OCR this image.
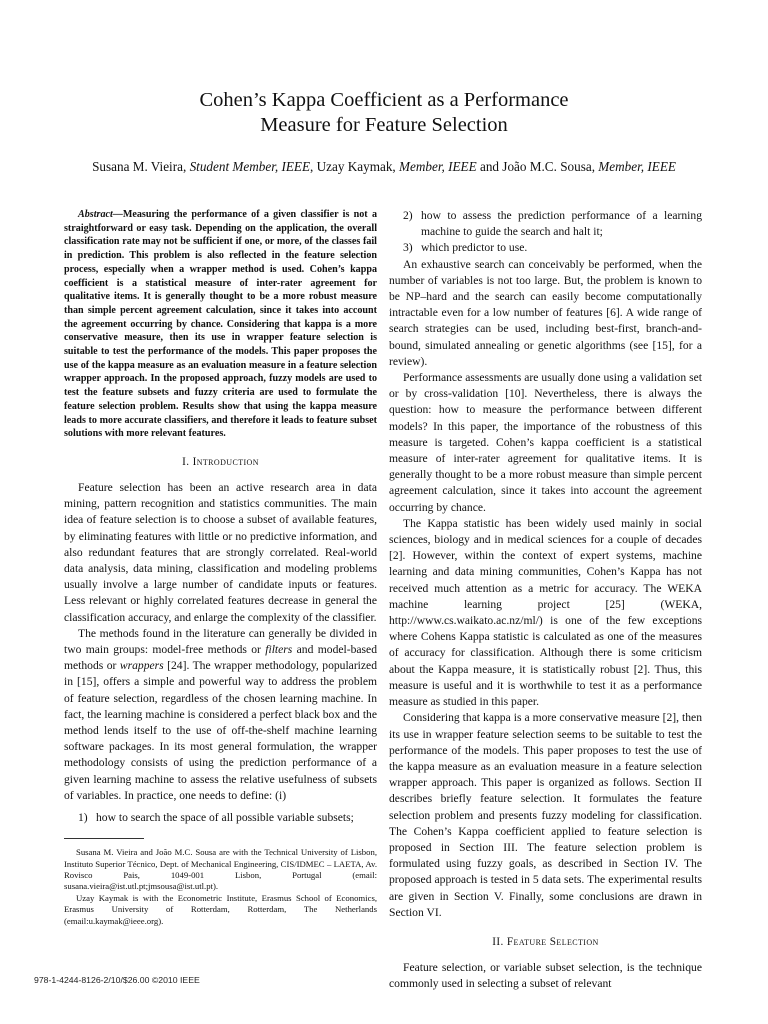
Cohen’s Kappa Coefficient as a Performance
Measure for Feature Selection
Susana M. Vieira, Student Member, IEEE, Uzay Kaymak, Member, IEEE and João M.C. Sousa, Member, IEEE

Abstract—Measuring the performance of a given classifier is not a straightforward or easy task. Depending on the application, the overall classification rate may not be sufficient if one, or more, of the classes fail in prediction. This problem is also reflected in the feature selection process, especially when a wrapper method is used. Cohen’s kappa coefficient is a statistical measure of inter-rater agreement for qualitative items. It is generally thought to be a more robust measure than simple percent agreement calculation, since it takes into account the agreement occurring by chance. Considering that kappa is a more conservative measure, then its use in wrapper feature selection is suitable to test the performance of the models. This paper proposes the use of the kappa measure as an evaluation measure in a feature selection wrapper approach. In the proposed approach, fuzzy models are used to test the feature subsets and fuzzy criteria are used to formulate the feature selection problem. Results show that using the kappa measure leads to more accurate classifiers, and therefore it leads to feature subset solutions with more relevant features.

I. Introduction

Feature selection has been an active research area in data mining, pattern recognition and statistics communities. The main idea of feature selection is to choose a subset of available features, by eliminating features with little or no predictive information, and also redundant features that are strongly correlated. Real-world data analysis, data mining, classification and modeling problems usually involve a large number of candidate inputs or features. Less relevant or highly correlated features decrease in general the classification accuracy, and enlarge the complexity of the classifier.

The methods found in the literature can generally be divided in two main groups: model-free methods or filters and model-based methods or wrappers [24]. The wrapper methodology, popularized in [15], offers a simple and powerful way to address the problem of feature selection, regardless of the chosen learning machine. In fact, the learning machine is considered a perfect black box and the method lends itself to the use of off-the-shelf machine learning software packages. In its most general formulation, the wrapper methodology consists of using the prediction performance of a given learning machine to assess the relative usefulness of subsets of variables. In practice, one needs to define: (i)

1) how to search the space of all possible variable subsets;

Susana M. Vieira and João M.C. Sousa are with the Technical University of Lisbon, Instituto Superior Técnico, Dept. of Mechanical Engineering, CIS/IDMEC – LAETA, Av. Rovisco Pais, 1049-001 Lisbon, Portugal (email: susana.vieira@ist.utl.pt;jmsousa@ist.utl.pt).

Uzay Kaymak is with the Econometric Institute, Erasmus School of Economics, Erasmus University of Rotterdam, Rotterdam, The Netherlands (email:u.kaymak@ieee.org).

2) how to assess the prediction performance of a learning machine to guide the search and halt it;
3) which predictor to use.

An exhaustive search can conceivably be performed, when the number of variables is not too large. But, the problem is known to be NP–hard and the search can easily become computationally intractable even for a low number of features [6]. A wide range of search strategies can be used, including best-first, branch-and-bound, simulated annealing or genetic algorithms (see [15], for a review).

Performance assessments are usually done using a validation set or by cross-validation [10]. Nevertheless, there is always the question: how to measure the performance between different models? In this paper, the importance of the robustness of this measure is targeted. Cohen’s kappa coefficient is a statistical measure of inter-rater agreement for qualitative items. It is generally thought to be a more robust measure than simple percent agreement calculation, since it takes into account the agreement occurring by chance.

The Kappa statistic has been widely used mainly in social sciences, biology and in medical sciences for a couple of decades [2]. However, within the context of expert systems, machine learning and data mining communities, Cohen’s Kappa has not received much attention as a metric for accuracy. The WEKA machine learning project [25] (WEKA, http://www.cs.waikato.ac.nz/ml/) is one of the few exceptions where Cohens Kappa statistic is calculated as one of the measures of accuracy for classification. Although there is some criticism about the Kappa measure, it is statistically robust [2]. Thus, this measure is useful and it is worthwhile to test it as a performance measure as studied in this paper.

Considering that kappa is a more conservative measure [2], then its use in wrapper feature selection seems to be suitable to test the performance of the models. This paper proposes to test the use of the kappa measure as an evaluation measure in a feature selection wrapper approach. This paper is organized as follows. Section II describes briefly feature selection. It formulates the feature selection problem and presents fuzzy modeling for classification. The Cohen’s Kappa coefficient applied to feature selection is proposed in Section III. The feature selection problem is formulated using fuzzy goals, as described in Section IV. The proposed approach is tested in 5 data sets. The experimental results are given in Section V. Finally, some conclusions are drawn in Section VI.

II. Feature Selection

Feature selection, or variable subset selection, is the technique commonly used in selecting a subset of relevant

978-1-4244-8126-2/10/$26.00 ©2010 IEEE
